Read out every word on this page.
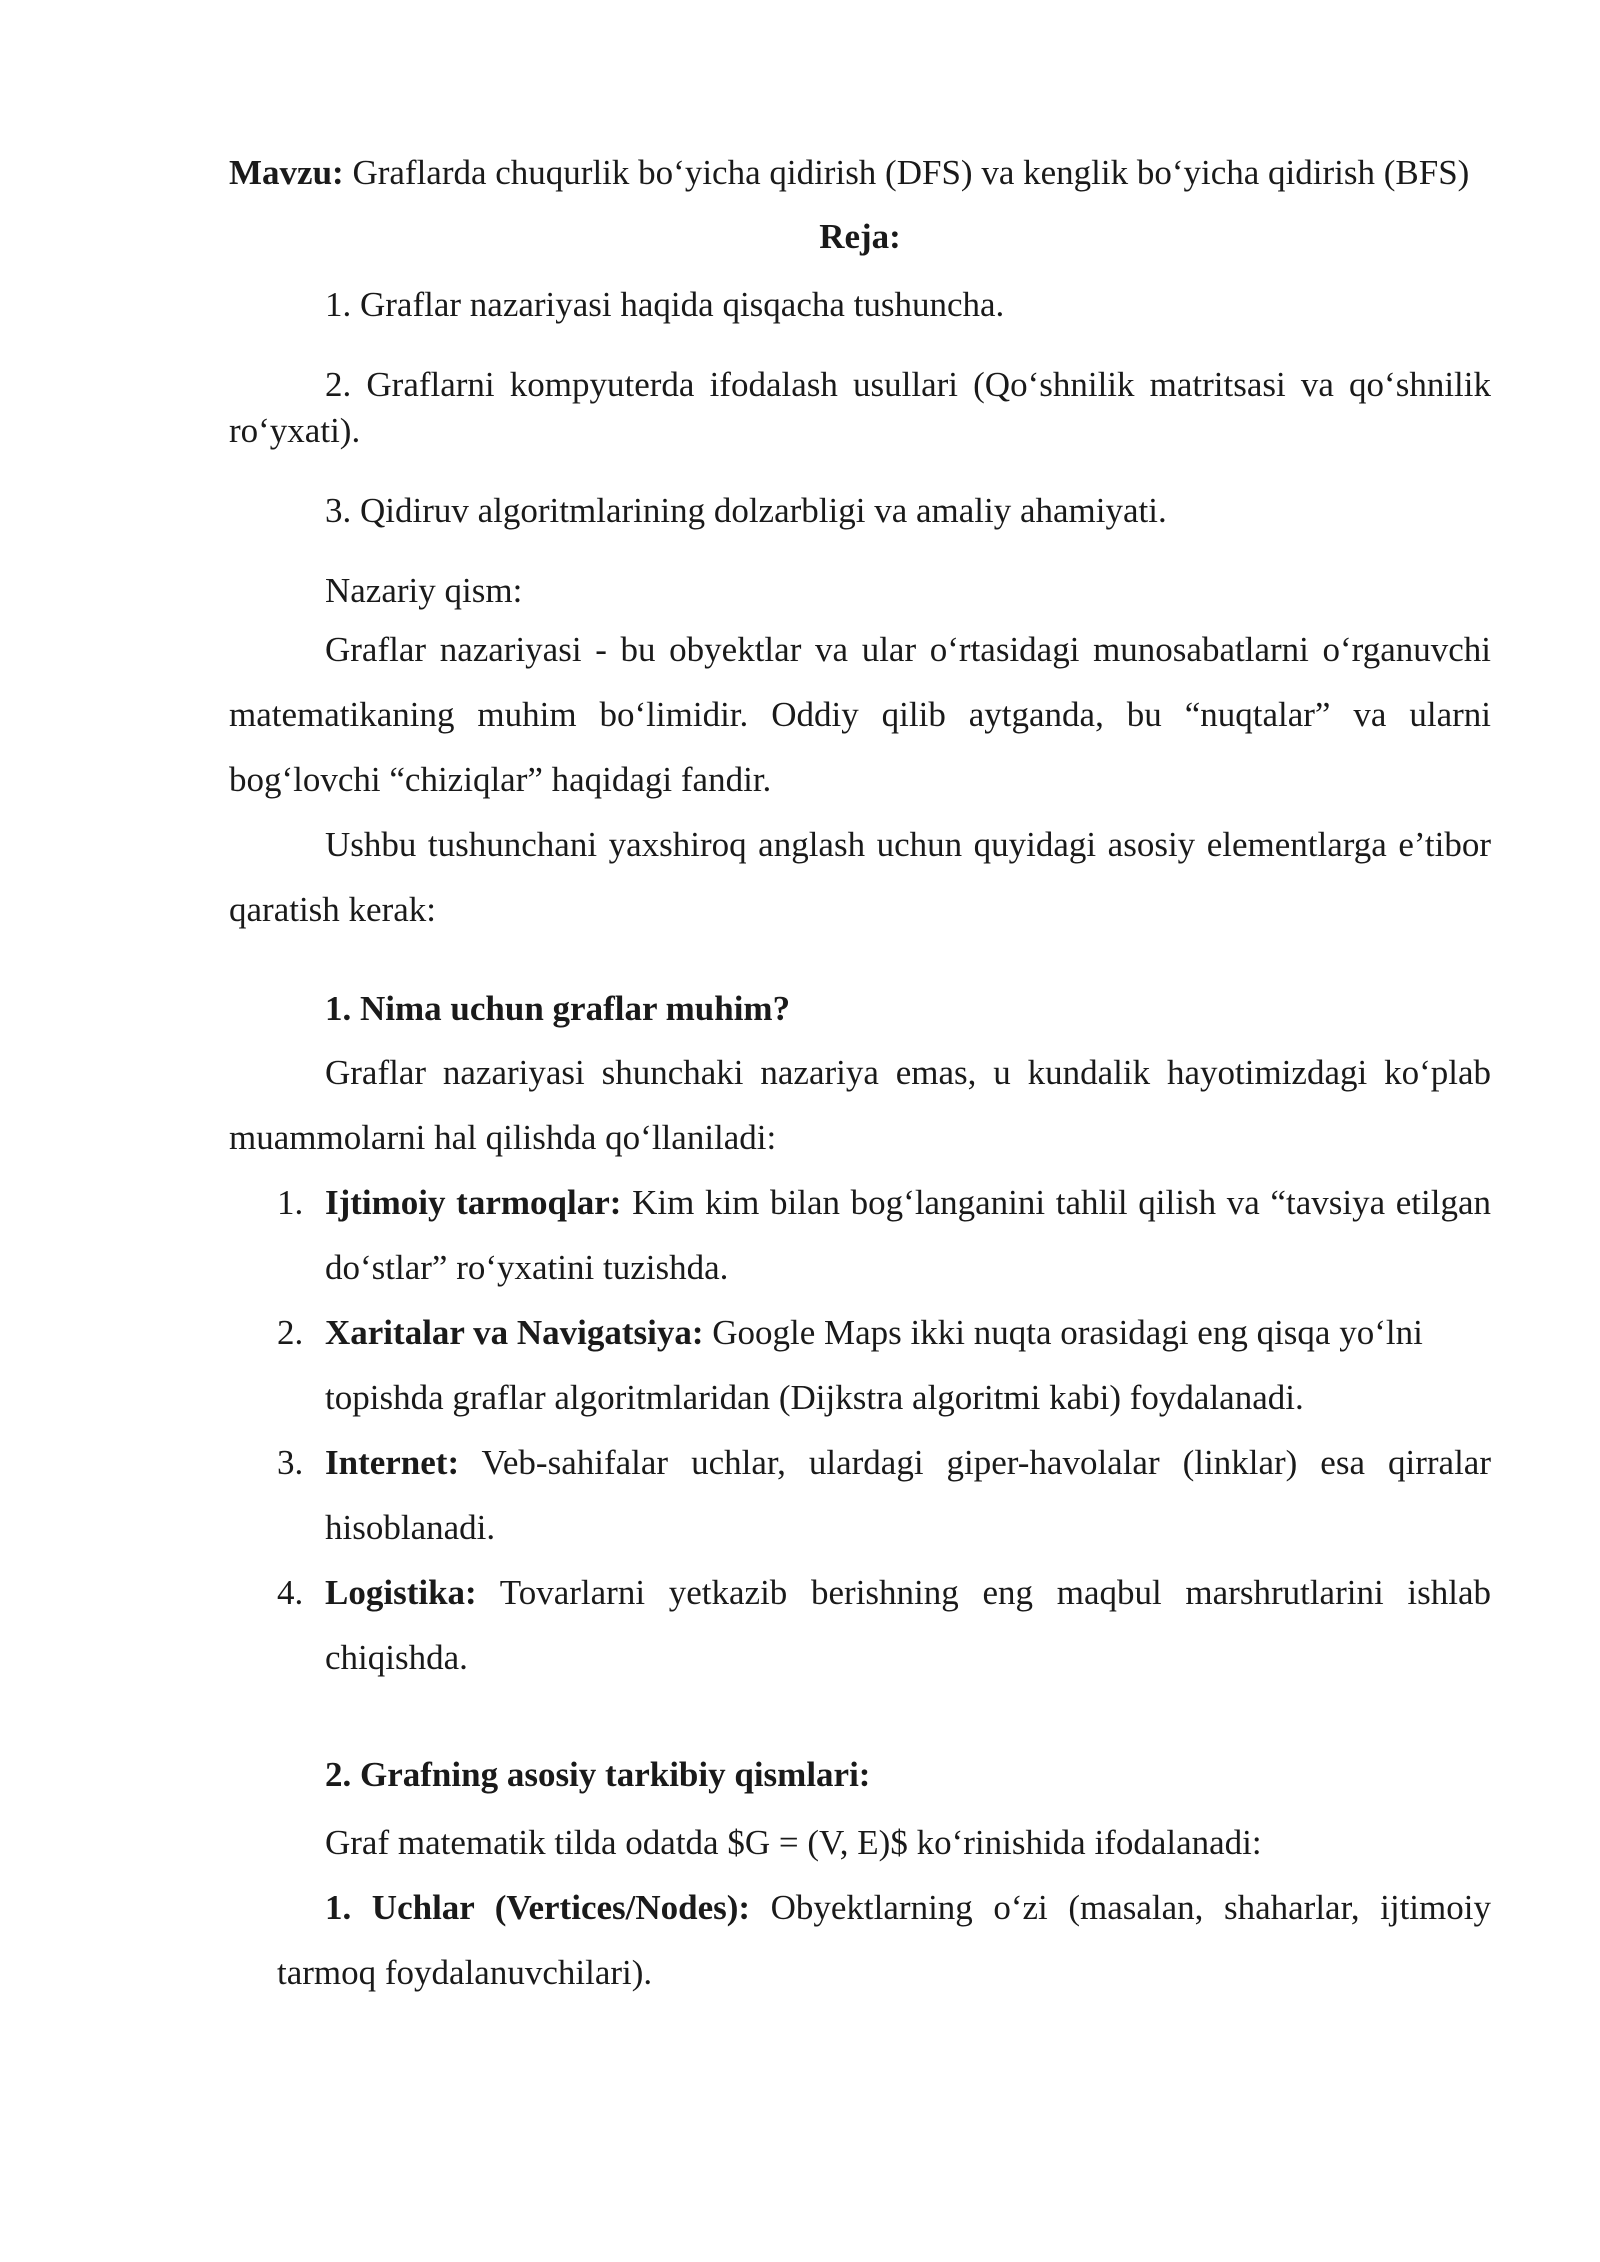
Mavzu: Graflarda chuqurlik bo‘yicha qidirish (DFS) va kenglik bo‘yicha qidirish (BFS)

Reja:

1. Graflar nazariyasi haqida qisqacha tushuncha.

2. Graflarni kompyuterda ifodalash usullari (Qo‘shnilik matritsasi va qo‘shnilik ro‘yxati).

3. Qidiruv algoritmlarining dolzarbligi va amaliy ahamiyati.

Nazariy qism:

Graflar nazariyasi - bu obyektlar va ular o‘rtasidagi munosabatlarni o‘rganuvchi matematikaning muhim bo‘limidir. Oddiy qilib aytganda, bu “nuqtalar” va ularni bog‘lovchi “chiziqlar” haqidagi fandir.

Ushbu tushunchani yaxshiroq anglash uchun quyidagi asosiy elementlarga e’tibor qaratish kerak:

1. Nima uchun graflar muhim?

Graflar nazariyasi shunchaki nazariya emas, u kundalik hayotimizdagi ko‘plab muammolarni hal qilishda qo‘llaniladi:

1. Ijtimoiy tarmoqlar: Kim kim bilan bog‘langanini tahlil qilish va “tavsiya etilgan do‘stlar” ro‘yxatini tuzishda.
2. Xaritalar va Navigatsiya: Google Maps ikki nuqta orasidagi eng qisqa yo‘lni topishda graflar algoritmlaridan (Dijkstra algoritmi kabi) foydalanadi.
3. Internet: Veb-sahifalar uchlar, ulardagi giper-havolalar (linklar) esa qirralar hisoblanadi.
4. Logistika: Tovarlarni yetkazib berishning eng maqbul marshrutlarini ishlab chiqishda.

2. Grafning asosiy tarkibiy qismlari:

Graf matematik tilda odatda $G = (V, E)$ ko‘rinishida ifodalanadi:

1. Uchlar (Vertices/Nodes): Obyektlarning o‘zi (masalan, shaharlar, ijtimoiy tarmoq foydalanuvchilari).
